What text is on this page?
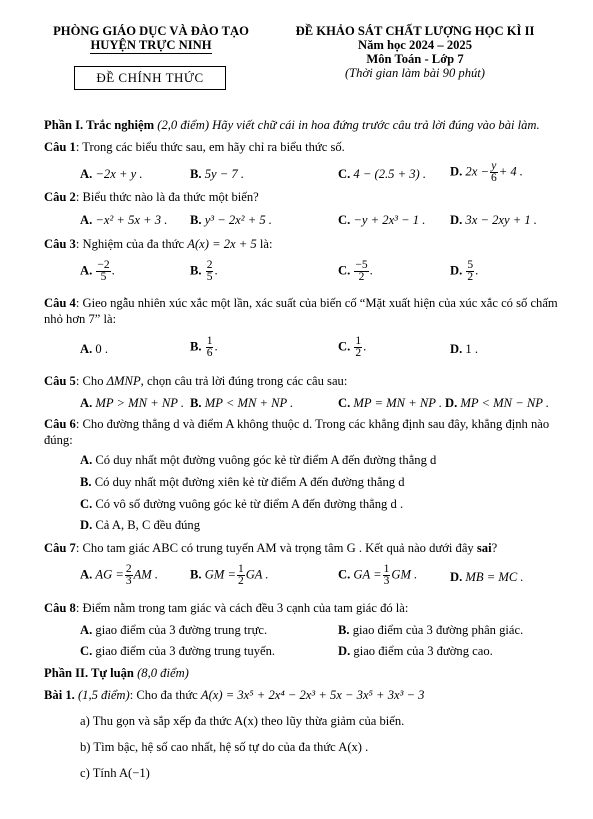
PHÒNG GIÁO DỤC VÀ ĐÀO TẠO
HUYỆN TRỰC NINH
ĐỀ CHÍNH THỨC
ĐỀ KHẢO SÁT CHẤT LƯỢNG HỌC KÌ II
Năm học 2024 – 2025
Môn Toán - Lớp 7
(Thời gian làm bài 90 phút)
Phần I. Trắc nghiệm (2,0 điểm) Hãy viết chữ cái in hoa đứng trước câu trả lời đúng vào bài làm.
Câu 1: Trong các biểu thức sau, em hãy chỉ ra biểu thức số.
A. −2x + y .	B. 5y − 7 .	C. 4 − (2.5 + 3) . D. $2x - \frac{y}{6} + 4$ .
Câu 2: Biểu thức nào là đa thức một biến?
A. −x² + 5x + 3 . B. y³ − 2x² + 5 .	C. −y + 2x³ − 1 . D. 3x − 2xy + 1 .
Câu 3: Nghiệm của đa thức A(x) = 2x + 5 là:
A. $\frac{-2}{5}$ .	B. $\frac{2}{5}$ .	C. $\frac{-5}{2}$ .	D. $\frac{5}{2}$ .
Câu 4: Gieo ngẫu nhiên xúc xắc một lần, xác suất của biến cố “Mặt xuất hiện của xúc xắc có số chấm nhỏ hơn 7” là:
A. 0 .	B. $\frac{1}{6}$ .	C. $\frac{1}{2}$ .	D. 1 .
Câu 5: Cho ΔMNP, chọn câu trả lời đúng trong các câu sau:
A. MP > MN + NP . B. MP < MN + NP .	C. MP = MN + NP . D. MP < MN − NP .
Câu 6: Cho đường thẳng d và điểm A không thuộc d. Trong các khẳng định sau đây, khẳng định nào đúng:
A. Có duy nhất một đường vuông góc kẻ từ điểm A đến đường thẳng d
B. Có duy nhất một đường xiên kẻ từ điểm A đến đường thẳng d
C. Có vô số đường vuông góc kẻ từ điểm A đến đường thẳng d .
D. Cả A, B, C đều đúng
Câu 7: Cho tam giác ABC có trung tuyến AM và trọng tâm G . Kết quả nào dưới đây sai?
A. AG = $\frac{2}{3}$ AM .	B. GM = $\frac{1}{2}$ GA .	C. GA = $\frac{1}{3}$ GM .	D. MB = MC .
Câu 8: Điểm nằm trong tam giác và cách đều 3 cạnh của tam giác đó là:
A. giao điểm của 3 đường trung trực.	B. giao điểm của 3 đường phân giác.
C. giao điểm của 3 đường trung tuyến.	D. giao điểm của 3 đường cao.
Phần II. Tự luận (8,0 điểm)
Bài 1. (1,5 điểm): Cho đa thức A(x) = 3x⁵ + 2x⁴ − 2x³ + 5x − 3x⁵ + 3x³ − 3
a) Thu gọn và sắp xếp đa thức A(x) theo lũy thừa giảm của biến.
b) Tìm bậc, hệ số cao nhất, hệ số tự do của đa thức A(x) .
c) Tính A(−1)
